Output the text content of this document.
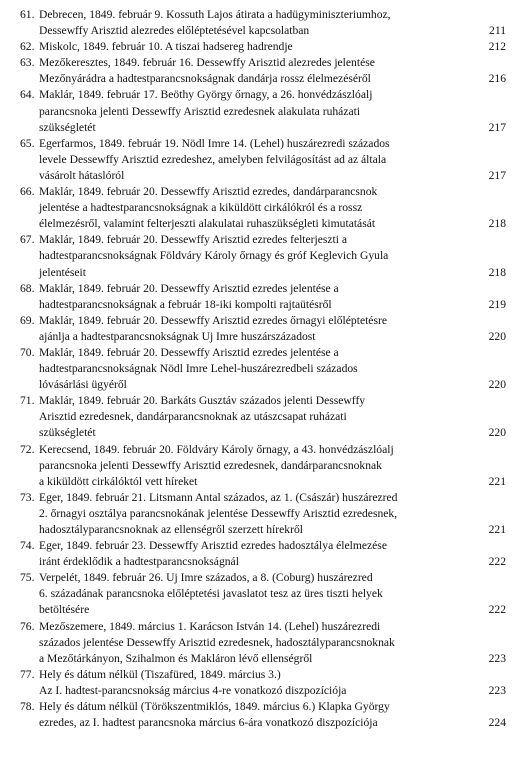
61. Debrecen, 1849. február 9. Kossuth Lajos átirata a hadügyminiszteriumhoz,
Dessewffy Arisztid alezredes előléptetésével kapcsolatban	211
62. Miskolc, 1849. február 10. A tiszai hadsereg hadrendje	212
63. Mezőkeresztes, 1849. február 16. Dessewffy Arisztid alezredes jelentése
Mezőnyárádra a hadtestparancsnokságnak dandárja rossz élelmezéséről	216
64. Maklár, 1849. február 17. Beöthy György őrnagy, a 26. honvédzászlóalj
parancsnoka jelenti Dessewffy Arisztid ezredesnek alakulata ruházati
szükségletét	217
65. Egerfarmos, 1849. február 19. Nödl Imre 14. (Lehel) huszárezredi százados
levele Dessewffy Arisztid ezredeshez, amelyben felvilágosítást ad az általa
vásárolt hátaslóról	217
66. Maklár, 1849. február 20. Dessewffy Arisztid ezredes, dandárparancsnok
jelentése a hadtestparancsnokságnak a kiküldött cirkálókról és a rossz
élelmezésről, valamint felterjeszti alakulatai ruhaszükségleti kimutatását	218
67. Maklár, 1849. február 20. Dessewffy Arisztid ezredes felterjeszti a
hadtestparancsnokságnak Földváry Károly őrnagy és gróf Keglevich Gyula
jelentéseit	218
68. Maklár, 1849. február 20. Dessewffy Arisztid ezredes jelentése a
hadtestparancsnokságnak a február 18-iki kompolti rajtaütésről	219
69. Maklár, 1849. február 20. Dessewffy Arisztid ezredes őrnagyi előléptetésre
ajánlja a hadtestparancsnokságnak Uj Imre huszárszázadost	220
70. Maklár, 1849. február 20. Dessewffy Arisztid ezredes jelentése a
hadtestparancsnokságnak Nödl Imre Lehel-huszárezredbeli százados
lóvásárlási ügyéről	220
71. Maklár, 1849. február 20. Barkáts Gusztáv százados jelenti Dessewffy
Arisztid ezredesnek, dandárparancsnoknak az utászcsapat ruházati
szükségletét	220
72. Kerecsend, 1849. február 20. Földváry Károly őrnagy, a 43. honvédzászlóalj
parancsnoka jelenti Dessewffy Arisztid ezredesnek, dandárparancsnoknak
a kiküldött cirkálóktól vett híreket	221
73. Eger, 1849. február 21. Litsmann Antal százados, az 1. (Császár) huszárezred
2. őrnagyi osztálya parancsnokának jelentése Dessewffy Arisztid ezredesnek,
hadosztályparancsnoknak az ellenségről szerzett hírekről	221
74. Eger, 1849. február 23. Dessewffy Arisztid ezredes hadosztálya élelmezése
iránt érdeklődik a hadtestparancsnokságnál	222
75. Verpelét, 1849. február 26. Uj Imre százados, a 8. (Coburg) huszárezred
6. századának parancsnoka előléptetési javaslatot tesz az üres tiszti helyek
betöltésére	222
76. Mezőszemere, 1849. március 1. Karácson István 14. (Lehel) huszárezredi
százados jelentése Dessewffy Arisztid ezredesnek, hadosztályparancsnoknak
a Mezőtárkányon, Szihalmon és Makláron lévő ellenségről	223
77. Hely és dátum nélkül (Tiszafüred, 1849. március 3.)
Az I. hadtest-parancsnokság március 4-re vonatkozó diszpozíciója	223
78. Hely és dátum nélkül (Törökszentmiklós, 1849. március 6.) Klapka György
ezredes, az I. hadtest parancsnoka március 6-ára vonatkozó diszpozíciója	224
